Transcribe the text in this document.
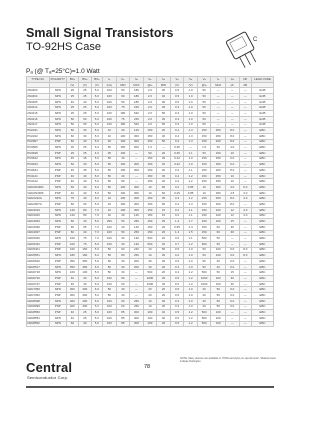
Small Signal Transistors
TO-92HS Case
Pₐ (@ Tₐ=25°C)=1.0 Watt
C
TYPE NO.	POLARITY	BVₐ	BVₐ	BVₐ	Iₐ	hₐ	hₐ	hₐ	hₐ	Vₐ	Vₐ	Vₐ	fₐ	Cₐ	NF	LEAD CODE
		(V)	(V)	(V)	(nA)	MIN	MAX	@Iₐ	MIN	(V)	(V)	@Iₐ	MHz	pF	dB	
2N3403	NPN	25	25	5.0	100	50	180	2.0	30	0.5	1.0	50	—	—	—	ECB
2N3404	NPN	25	25	5.0	100	90	180	2.0	40	0.5	1.0	50	—	—	—	ECB
2N3405	NPN	40	40	5.0	100	50	180	2.0	30	0.5	1.0	50	—	—	—	ECB
2N3414	NPN	25	25	5.0	100	75	225	2.0	30	0.3	1.0	50	—	—	—	ECB
2N3415	NPN	25	25	5.0	100	180	540	2.0	50	0.3	1.0	50	—	—	—	ECB
2N3416	NPN	50	50	5.0	100	75	225	2.0	30	0.3	1.0	50	—	—	—	ECB
2N3417	NPN	50	50	5.0	100	180	540	2.0	50	0.3	1.0	50	—	—	—	ECB
PN2221	NPN	60	30	5.0	10	40	120	150	20	0.4	1.3	150	250	8.0	—	EBC
PN2222	NPN	60	30	5.0	10	100	300	150	30	0.4	1.3	150	250	8.0	—	EBC
PN2907	PNP	60	40	5.0	20	100	300	150	50	0.4	1.3	150	200	8.0	—	EBC
PN3565	NPN	30	25	6.0	50	150	600	1.0	—	0.35	—	1.0	40	4.0	—	EBC
PN3638	PNP	25	25	4.0	35	100	—	50	20	0.25	1.1	50	150	10	—	EBC
PN3642	NPN	45	45	5.0	50	40	—	150	30	0.22	1.0	150	250	6.0	—	EBC
PN3643	NPN	60	30	5.0	50	100	300	150	40	0.22	1.0	150	250	6.0	—	EBC
PN3644	PNP	45	45	5.0	50	100	300	150	40	0.3	1.1	150	200	8.0	—	EBC
PN4121	PNP	40	40	5.0	50	40	—	150	30	0.4	1.2	150	250	10	—	EBC
PN4122	PNP	40	40	5.0	50	80	—	150	40	0.4	1.2	150	250	10	—	EBC
CEN2N3904	NPN	60	40	6.0	50	100	300	10	60	0.2	0.85	10	300	4.0	5.0	EBC
CEN2N3906	PNP	40	40	5.0	50	100	300	10	60	0.25	0.85	10	250	4.5	4.0	EBC
CEN2222A	NPN	75	40	6.0	10	100	300	150	35	0.3	1.2	150	300	8.0	4.0	EBC
CEN2907A	PNP	60	60	5.0	10	100	300	150	50	0.4	1.3	150	200	8.0	—	EBC
CEN3019	NPN	140	80	7.0	10	100	300	150	15	0.2	1.1	150	100	12	4.0	EBC
CEN3020	NPN	140	80	7.0	10	40	120	150	15	0.2	1.1	150	100	12	4.0	EBC
CEN3053	NPN	60	40	5.0	250	50	250	150	25	1.4	1.7	150	100	15	—	EBC
CEN4036	PNP	90	65	7.0	100	40	140	150	20	0.65	1.4	150	60	30	—	EBC
CEN4037	PNP	60	40	7.0	100	50	250	150	20	1.4	1.5	150	60	30	—	EBC
CEN5320	NPN	100	75	7.0	100	30	130	500	20	0.5	1.1	500	50	—	—	EBC
CEN5322	PNP	100	75	5.0	100	30	130	500	20	0.7	1.2	500	50	—	—	EBC
CEN5401	PNP	160	150	5.0	50	60	240	10	50	0.5	1.0	50	100	6.0	8.0	EBC
CEN5551	NPN	180	160	6.0	50	80	250	10	30	0.2	1.0	50	100	6.0	8.0	EBC
CEN6520	PNP	350	350	5.0	50	30	200	30	20	0.5	1.0	50	40	6.0	—	EBC
CEN6517	NPN	350	350	6.0	50	30	200	30	20	0.3	1.0	50	40	6.0	—	EBC
CEN6718	NPN	100	100	5.0	50	30	—	500	20	0.4	1.2	500	50	15	—	EBC
CEN6726	PNP	40	30	5.0	100	60	—	1000	30	0.5	1.2	1000	100	30	—	EBC
CEN6727	PNP	40	40	5.0	100	60	—	1000	30	0.5	1.2	1000	100	30	—	EBC
CEN7050	NPN	300	300	6.0	50	40	—	20	20	0.5	1.0	20	50	6.0	—	EBC
CEN7052	PNP	300	300	5.0	50	40	—	20	20	0.5	1.0	20	50	6.0	—	EBC
CEN8098	NPN	400	400	6.0	100	60	250	10	30	0.3	1.0	20	50	6.0	—	EBC
CEN8099	PNP	400	400	5.0	100	60	250	10	30	0.3	1.0	20	50	6.0	—	EBC
CEN8550	PNP	40	25	5.0	100	85	300	100	40	0.5	1.2	500	100	—	—	EBC
CEN8551	NPN	40	25	5.0	100	85	300	100	40	0.5	1.2	500	100	—	—	EBC
CEN8552	NPN	60	40	5.0	100	85	300	100	40	0.5	1.2	500	100	—	—	EBC
Central
Semiconductor Corp.
78
NOTE: Many devices are available in TO92 lead styles on special order. Shaded areas indicate Darlington.
